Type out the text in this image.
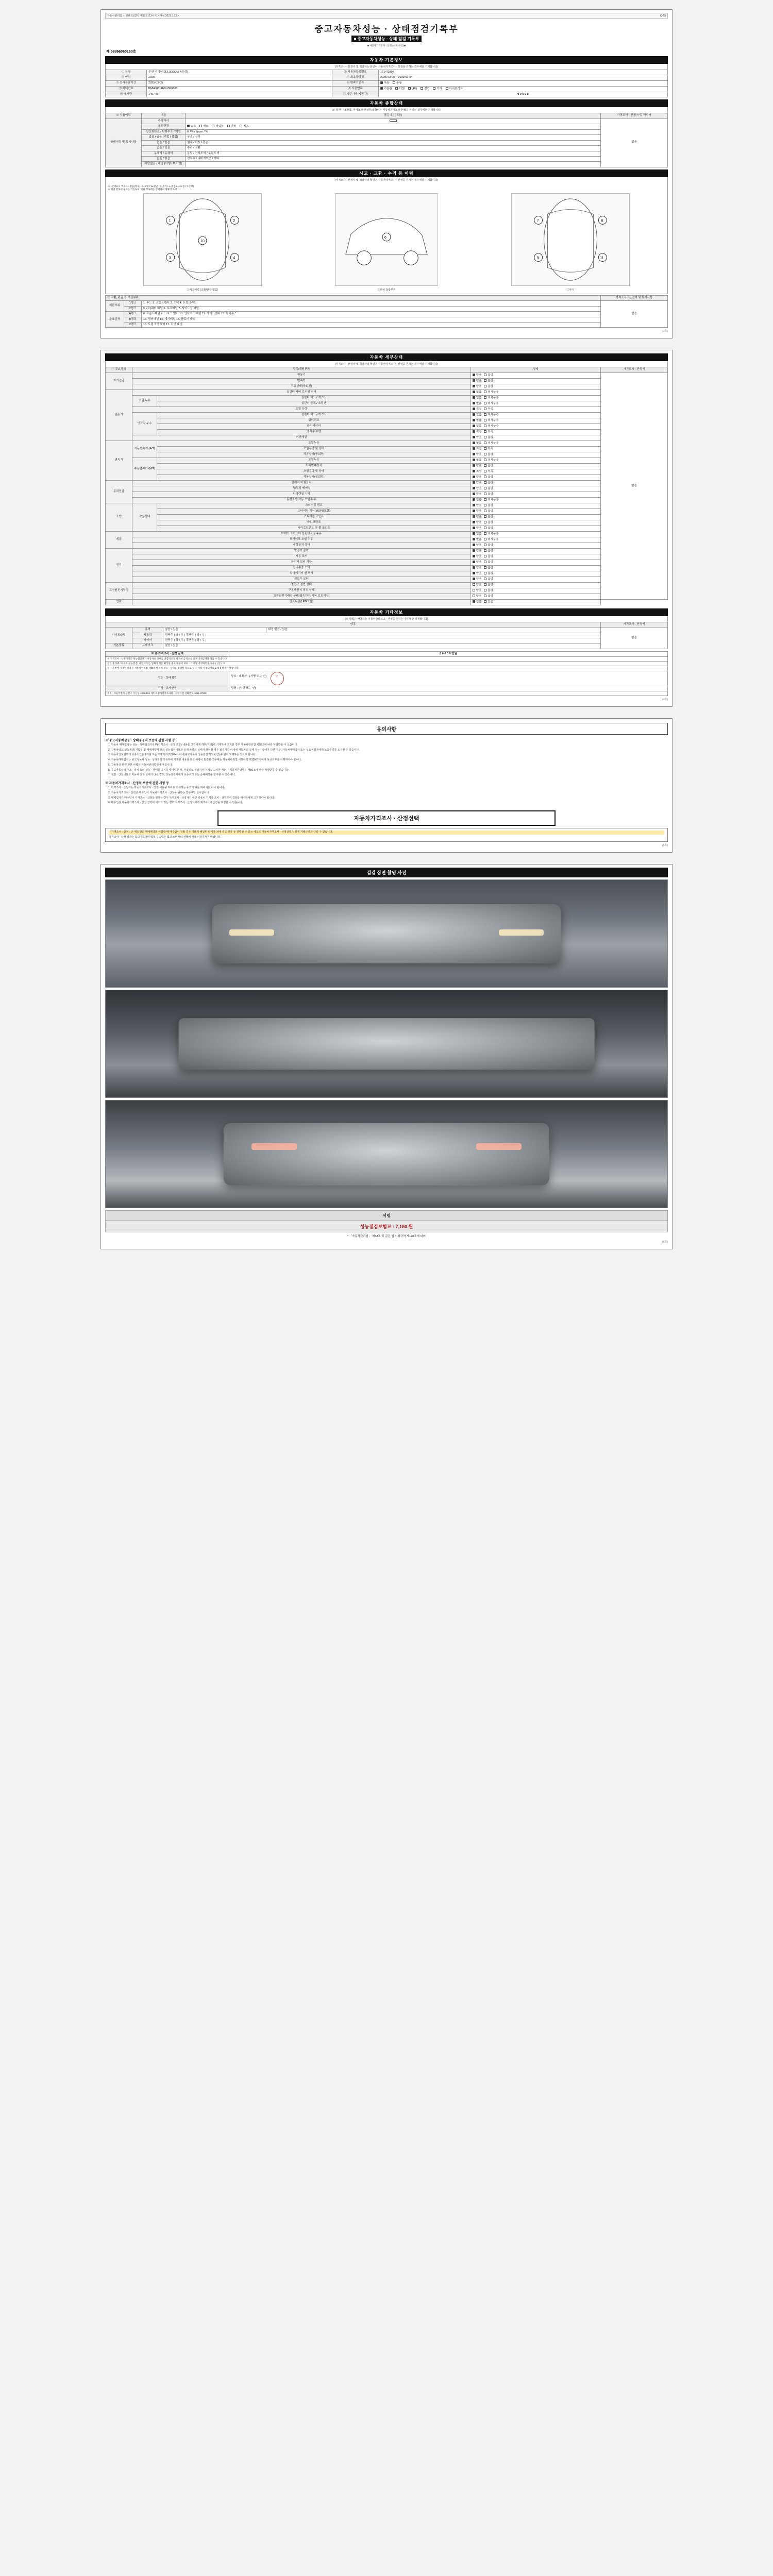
자동차관리법 시행규칙 [별지 제82호의3서식] <개정 2021.7.13.>	(3쪽)
중고자동차성능 · 상태점검기록부
■ 중고자동차성능 · 상태 점검 기록부
■ 자동차가격조사 · 산정 (선택 사항) ■
제 59366060160호
자동차 기본정보
(가격조사 · 산정자 및 책임자는 본인이 자동차가격조사 · 산정을 원하는 경우에만 기재합니다)
① 차명	투싼 마이티(2LTJCGOM-A유형)	② 자동차등록번호	161나2892
③ 연식	2025	④ 최초등록일	2025-03-05 ~ 2030-03-04
⑤ 검사유효기간	2025-03-05	⑥ 변속기종류	자동 수동
⑦ 차대번호	KMHJ8811E0US56600	⑧ 사용연료	가솔린 디젤 LPG 전기 기타 하이브리드
⑩ 배기량	1497 cc	⑪ 기준가격(자동차)	0 0 0 0 0
자동차 종합상태
(※ 검사·구조물품, 가격조사·산정자의 확인은 자동차가격조사·산정을 원하는 경우에만 기재합니다)
※ 사용이력	내용	점검내용(내용)	가격조사 · 산정자 및 책임자
상태이력 및 특기사항	주행거리		없음
	용도변경	없음 렌트 영업용 관용 리스	
	일산화탄소 / 탄화수소 / 매연	0.7% / 2ppm / %	
	없음 / 있음 (적법 / 불법)	구조 / 장치	
	없음 / 있음	침수 / 화재 / 전손	
	없음 / 있음	수리 / 교환	
	무채색 / 유채색	동일 / 전체도색 / 부분도색	
	없음 / 있음	선루프 / 내비게이션 / 기타	
	해당없음 / 해당 (이행 / 미이행)		
사고 · 교환 · 수리 등 이력
(가격조사 · 산정자 및 책임자의 확인은 자동차가격조사 · 산정을 원하는 경우에만 기재합니다)
※ (상태표시 부호 : ○-없음(양호) / ×-교환 / W-판금 / C-부식 / A-흠집 / U-요철 / T-손상)
※ 해당 항목에 숫자를 기입하여, 기타 부위에는 상세하여 명확히 표시
1	2
3	4
10
①사고이력 (교환/판금 없음)
6
②판금 접합부위
7	8
9	11
③부식
③ 교환, 판금 등 이상부위			가격조사 · 산정액 및 특기사항
외판부위	1랭크	1. 후드 2. 프론트펜더 3. 도어 4. 트렁크리드	없음
	2랭크	5. (오)쿼터 패널 6. 루프패널 7. 사이드실 패널	
주요골격	A랭크	8. 프론트패널 9. 크로스 멤버 10. 인사이드 패널 11. 사이드멤버 12. 휠하우스	
	B랭크	13. 필러패널 14. 대시패널 15. 플로어 패널	
	C랭크	16. 트렁크 플로어 17. 리어 패널	
(3쪽)
자동차 세부상태
(가격조사 · 산정자 및 책임자의 확인은 자동차가격조사 · 산정을 원하는 경우에만 기재합니다)
④ 주요장치	항목/해당부품		상태	가격조사 · 산정액
자기진단	원동기		양호 불량	없음
	변속기		양호 불량	
	작동상태(공회전)		양호 불량	
원동기	실린더 커버 로커암 커버		없음 미세누유	
	오일 누유	실린더 헤드 / 개스킷	없음 미세누유	
		실린더 블록 / 오일팬	없음 미세누유	
	오일 유량		적정 부족	
	냉각수 누수	실린더 헤드 / 개스킷	없음 미세누수	
		워터펌프	없음 미세누수	
		라디에이터	없음 미세누수	
		냉각수 수량	적정 부족	
	커먼레일		양호 불량	
변속기	자동변속기 (A/T)	오일누유	없음 미세누유	
		오일유량 및 상태	적정 부족	
		작동상태(공회전)	양호 불량	
	수동변속기 (M/T)	오일누유	없음 미세누유	
		기어변속장치	양호 불량	
		오일유량 및 상태	적정 부족	
		작동상태(공회전)	양호 불량	
동력전달	클러치 어셈블리		양호 불량	
	축/부싱 베어링		양호 불량	
	디퍼렌셜 기어		양호 불량	
	동력조향 작동 오일 누유		없음 미세누유	
조향	작동상태	스티어링 펌프	양호 불량	
		스티어링 기어(MDPS포함)	양호 불량	
		스티어링 조인트	양호 불량	
		파워크랭크	양호 불량	
		타이로드엔드 및 볼 조인트	양호 불량	
제동	브레이크 마스터 실린더오일 누유		없음 미세누유	
	브레이크 오일 누유		없음 미세누유	
	배력장치 상태		양호 불량	
전기	발전기 출력		양호 불량	
	시동 모터		양호 불량	
	와이퍼 모터 기능		양호 불량	
	실내송풍 모터		양호 불량	
	라디에이터 팬 모터		양호 불량	
	윈도우 모터		양호 불량	
고전원전기장치	충전구 절연 상태		양호 불량	
	구동축전지 격리 상태		양호 불량	
	고전원전기배선 상태(접속단자,피복,보호기구)		양호 불량	
연료	연료누출(LPG포함)		없음 있음	
자동차 기타정보
(※ 항목은 해당하는 자동차만다르고 · 산정을 원하는 경우에만 기재합니다)
항목				가격조사 · 산정액
사이드슬립	유격	없음 / 있음	내경 없음 / 있음	없음
	제동력	전축우 ( 좌 / 우 ) 후축우 ( 좌 / 우 )		
	타이어	전축우 ( 좌 / 우 ) 후축우 ( 좌 / 우 )		
기본품목	브레이크	없음 / 있음		
※ 총 가격조사 · 산정 금액	0 0 0 0 0 만원
※ 가격조사 · 산정가격은 성능점검자가 자동차의 상태를 종합적으로 평가한 금액으로 실제 거래금액과 다를 수 있습니다.	
본인 중개에 / 자동차(성능점검) 사업자 있는 업체가 적은 확인한 중고 내용이 허위 · 기재 및 작성되었을 경우 ( ) 입니다.	
본 기록부에 기재된 내용은 자동차관리법 제58조에 따라 성능 · 상태를 점검한 것으로 실제 거래 시 참고자료로 활용하시기 바랍니다.	
성능 · 상태점검	상호 : 대표자 : (서명 또는 인) 인
검사 · 조사산정	성명 : (서명 또는 인)
주소 : 서울특별시 금천구 가산동 1005-104 세이프 (주)세이프파워 · 수원지점 전화번호 1611-07800	
(4쪽)
유의사항
※ 중고자동차성능 · 상태점검의 보증에 관한 사항 등

1. 자동차 매매업자는 성능 · 상태점검기록부(가격조사 · 산정 포함) 내용을 고객에게 허위(거짓)로 기재하여 고지한 경우 자동차관리법 제58조에 따라 처벌받을 수 있습니다.

2. 자동차양도(성능점검)기록부 및 매매계약서 상의 성능점검내용과 실제 차량의 상태가 상이할 경우 보증기간 이내에 자동차의 실제 성능 · 상태가 다른 경우, 자동차매매업자 또는 성능점검자에게 보증수리를 요구할 수 있습니다.

3. 자동차인도일부터 보증기간은 1개월 또는 주행거리 2,000km 이내(중고자동차 성능점검 책임보험) 중 먼저 도래하는 것으로 합니다.

4. 자동차매매업자는 중고자동차 성능 · 상태점검 기록부에 기재된 내용과 다른 사항이 발견된 경우에는 자동차관리법 시행규칙 제120조에 따라 보증의무를 이행하여야 합니다.

5. 자동차의 관리 관한 사항은 자동차관리법령에 따릅니다.

6. 중고자동차의 구조 · 장치 등의 성능 · 상태를 고지하지 아니한 자, 거짓으로 점검하거나 거짓 고지한 자는 「자동차관리법」 제80조에 따라 처벌받을 수 있습니다.

7. 점검 · 산정내용과 자동차 실제 상태가 다른 경우, 성능점검자에게 보증수리 또는 손해배상을 청구할 수 있습니다.

※ 자동차가격조사 · 산정의 보증에 관한 사항 등

1. 가격조사 · 산정자는 자동차가격조사 · 산정 내용을 허위로 기재하는 등의 행위를 하여서는 아니 됩니다.

2. 자동차가격조사 · 산정은 매수인이 자동차가격조사 · 산정을 원하는 경우에만 실시합니다.

3. 매매업자가 매수인이 가격조사 · 산정을 원하는 경우 가격조사 · 산정자가 해당 자동차 가격을 조사 · 산정하여 결과를 매수인에게 고지하여야 합니다.

4. 매수인은 자동차가격조사 · 산정 결과에 이의가 있는 경우 가격조사 · 산정자에게 재조사 · 재산정을 요청할 수 있습니다.

자동차가격조사 · 산정선택

「가격조사 · 산정」은 매도인의 매매계약을 체결할 때 매수인이 원할 경우 거래가 해당된 판매자 외에 중고 신규 등 선택할 수 있는 제도로 자동차가격조사 · 산정금액은 실제 거래금액과 다를 수 있습니다.

가격조사 · 산정 결과는 참고자료이며 법적 구속력은 없고 소비자의 선택에 따라 이용하시기 바랍니다.

(5쪽)
검검 장면 촬영 사진
서명
성능점검보험료 : 7,150 원
* 「자동차관리법」 제58조 및 같은 법 시행규칙 제120조에 따라
(6쪽)
